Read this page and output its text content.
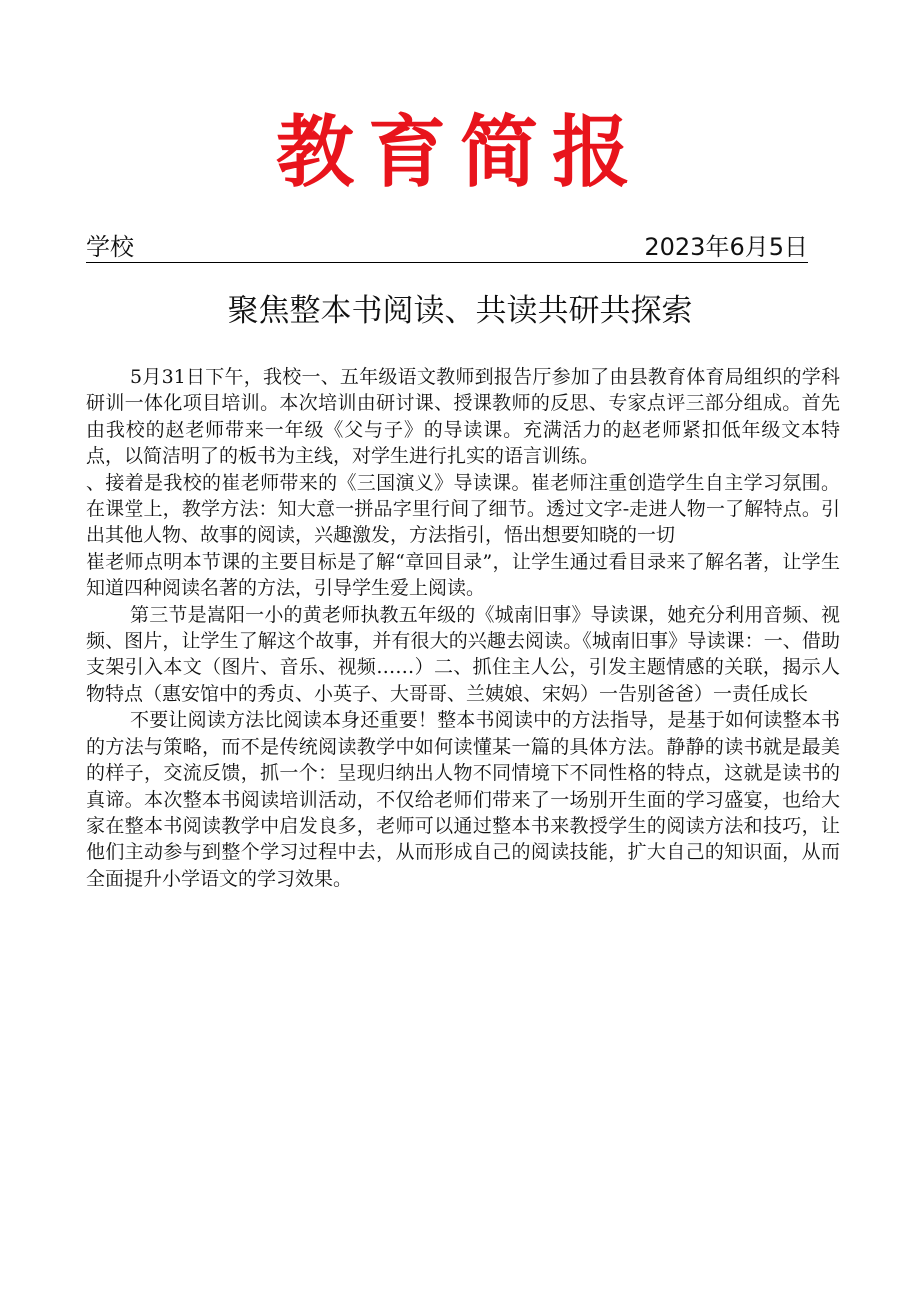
教育简报
学校	2023年6月5日
聚焦整本书阅读、共读共研共探索

5月31日下午，我校一、五年级语文教师到报告厅参加了由县教育体育局组织的学科研训一体化项目培训。本次培训由研讨课、授课教师的反思、专家点评三部分组成。首先由我校的赵老师带来一年级《父与子》的导读课。充满活力的赵老师紧扣低年级文本特点，以简洁明了的板书为主线，对学生进行扎实的语言训练。

、接着是我校的崔老师带来的《三国演义》导读课。崔老师注重创造学生自主学习氛围。在课堂上，教学方法：知大意一拼品字里行间了细节。透过文字-走进人物一了解特点。引出其他人物、故事的阅读，兴趣激发，方法指引，悟出想要知晓的一切

崔老师点明本节课的主要目标是了解“章回目录”，让学生通过看目录来了解名著，让学生知道四种阅读名著的方法，引导学生爱上阅读。

第三节是嵩阳一小的黄老师执教五年级的《城南旧事》导读课，她充分利用音频、视频、图片，让学生了解这个故事，并有很大的兴趣去阅读。《城南旧事》导读课：一、借助支架引入本文（图片、音乐、视频……）二、抓住主人公，引发主题情感的关联，揭示人物特点（惠安馆中的秀贞、小英子、大哥哥、兰姨娘、宋妈）一告别爸爸）一责任成长

不要让阅读方法比阅读本身还重要！整本书阅读中的方法指导，是基于如何读整本书的方法与策略，而不是传统阅读教学中如何读懂某一篇的具体方法。静静的读书就是最美的样子，交流反馈，抓一个：呈现归纳出人物不同情境下不同性格的特点，这就是读书的真谛。本次整本书阅读培训活动，不仅给老师们带来了一场别开生面的学习盛宴，也给大家在整本书阅读教学中启发良多，老师可以通过整本书来教授学生的阅读方法和技巧，让他们主动参与到整个学习过程中去，从而形成自己的阅读技能，扩大自己的知识面，从而全面提升小学语文的学习效果。
